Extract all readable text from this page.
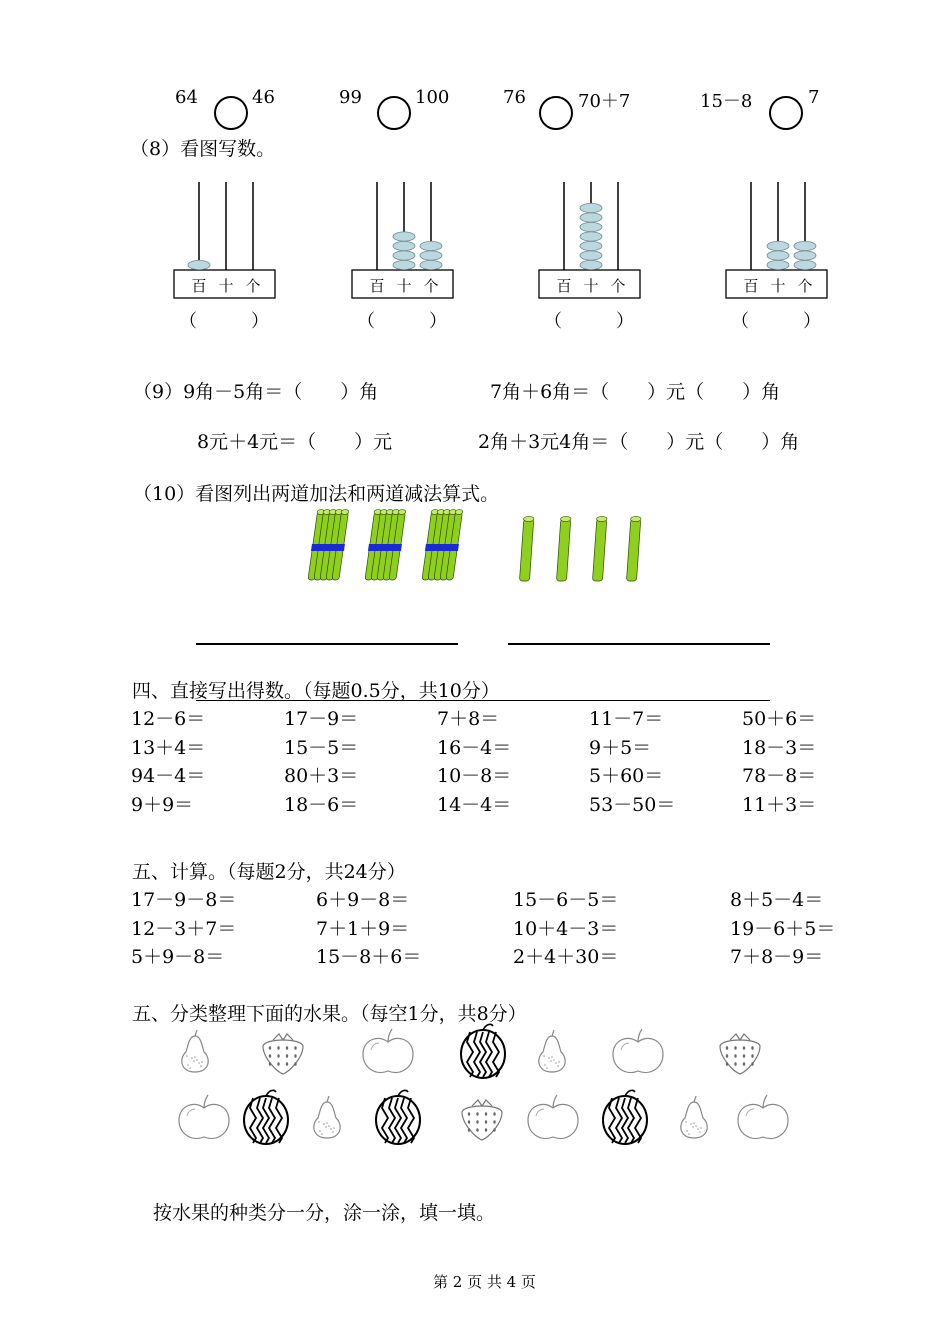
64	46	99	100	76	70＋7	15－8	7
（8）看图写数。
百 十 个
（　　　）
百 十 个
（　　　）
百 十 个
（　　　）
百 十 个
（　　　）
（9）9角－5角＝（　　）角	7角＋6角＝（　　）元（　　）角
8元＋4元＝（　　）元	2角＋3元4角＝（　　）元（　　）角
（10）看图列出两道加法和两道减法算式。
四、直接写出得数。（每题0.5分，共10分）
12－6＝	17－9＝	7＋8＝	11－7＝	50＋6＝
13＋4＝	15－5＝	16－4＝	9＋5＝	18－3＝
94－4＝	80＋3＝	10－8＝	5＋60＝	78－8＝
9＋9＝	18－6＝	14－4＝	53－50＝	11＋3＝
五、计算。（每题2分，共24分）
17－9－8＝	6＋9－8＝	15－6－5＝	8＋5－4＝
12－3＋7＝	7＋1＋9＝	10＋4－3＝	19－6＋5＝
5＋9－8＝	15－8＋6＝	2＋4＋30＝	7＋8－9＝
五、分类整理下面的水果。（每空1分，共8分）
按水果的种类分一分，涂一涂，填一填。
第 2 页 共 4 页
